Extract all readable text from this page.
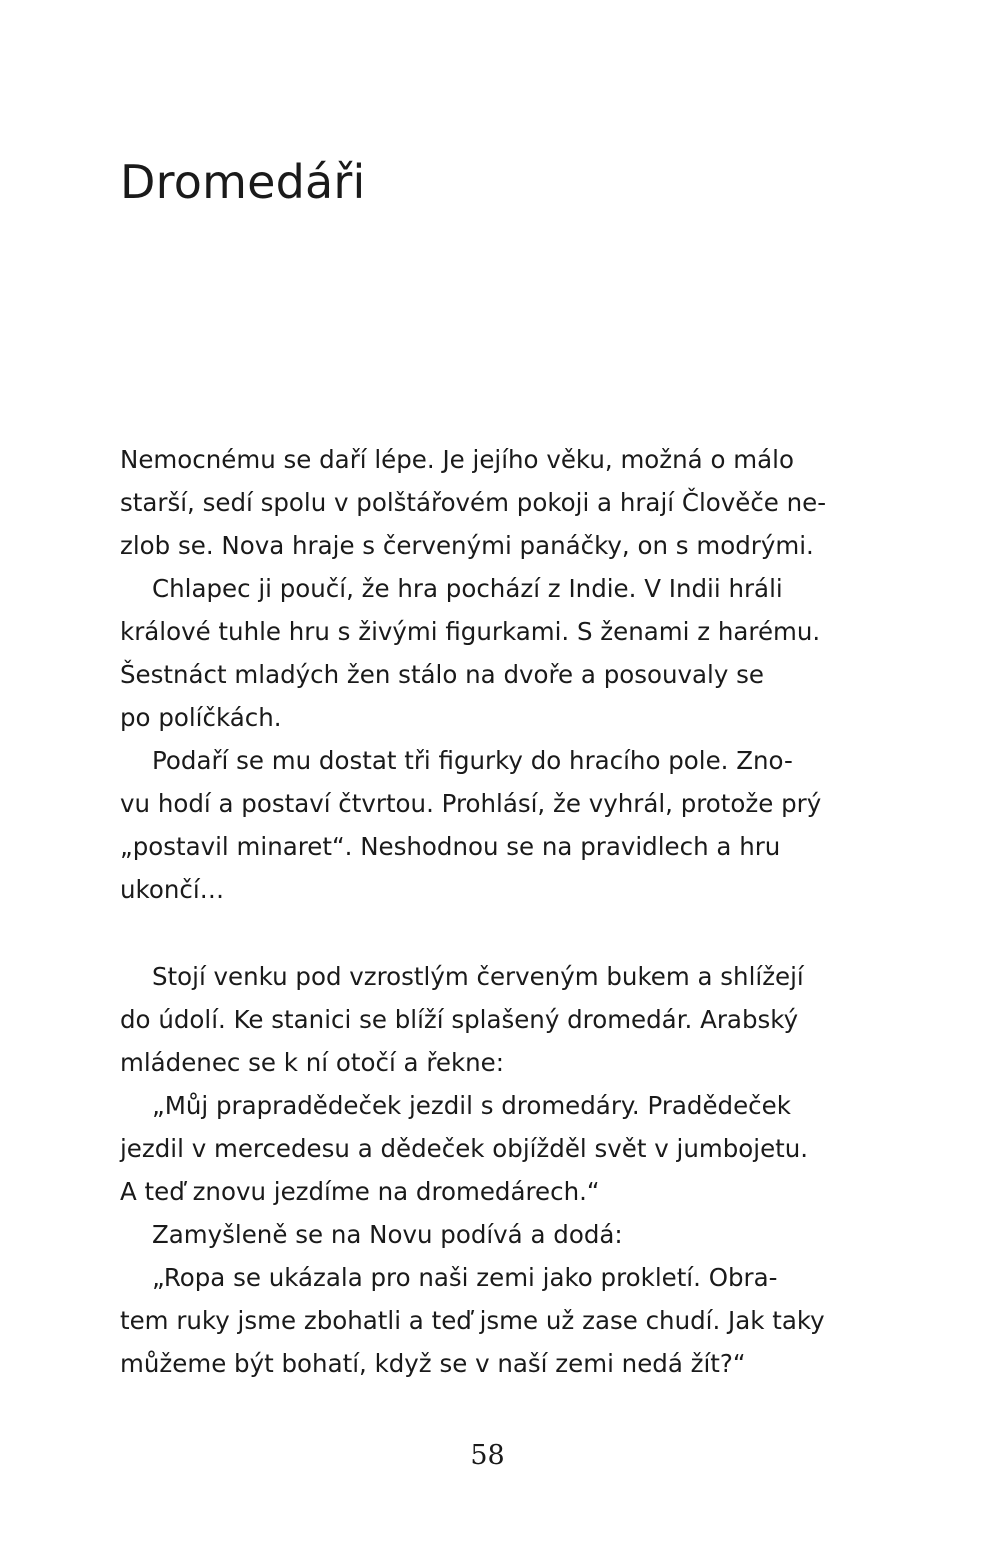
Dromedáři
Nemocnému se daří lépe. Je jejího věku, možná o málo
starší, sedí spolu v polštářovém pokoji a hrají Člověče ne-
zlob se. Nova hraje s červenými panáčky, on s modrými.
Chlapec ji poučí, že hra pochází z Indie. V Indii hráli
králové tuhle hru s živými figurkami. S ženami z harému.
Šestnáct mladých žen stálo na dvoře a posouvaly se
po políčkách.
Podaří se mu dostat tři figurky do hracího pole. Zno-
vu hodí a postaví čtvrtou. Prohlásí, že vyhrál, protože prý
„postavil minaret“. Neshodnou se na pravidlech a hru
ukončí…
Stojí venku pod vzrostlým červeným bukem a shlížejí
do údolí. Ke stanici se blíží splašený dromedár. Arabský
mládenec se k ní otočí a řekne:
„Můj prapradědeček jezdil s dromedáry. Pradědeček
jezdil v mercedesu a dědeček objížděl svět v jumbojetu.
A teď znovu jezdíme na dromedárech.“
Zamyšleně se na Novu podívá a dodá:
„Ropa se ukázala pro naši zemi jako prokletí. Obra-
tem ruky jsme zbohatli a teď jsme už zase chudí. Jak taky
můžeme být bohatí, když se v naší zemi nedá žít?“
58
